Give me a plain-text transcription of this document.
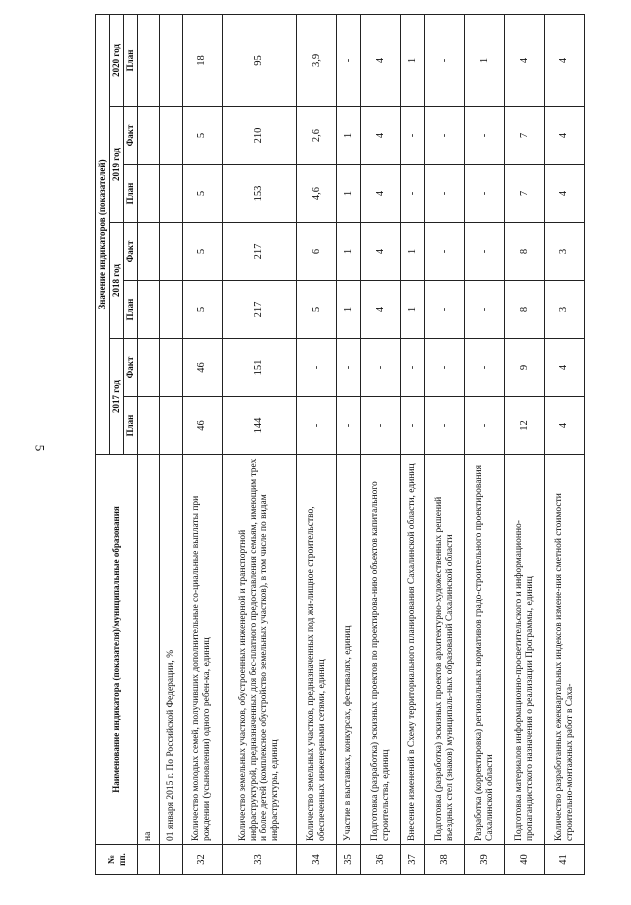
5
№
пп.	Наименование индикатора (показателя)/муниципальные образования	Значение индикаторов (показателей)						
		2017 год		2018 год		2019 год		2020 год
		План	Факт	План	Факт	План	Факт	План
	на							
	01 января 2015 г. По Российской Федерации, %							
32	Количество молодых семей, получивших дополнительные со-циальные выплаты при рождении (усыновлении) одного ребен-ка, единиц	46	46	5	5	5	5	18
33	Количество земельных участков, обустроенных инженерной и транспортной инфраструктурой, предназначенных для бес-платного предоставления семьям, имеющим трех и более детей (комплексное обустройство земельных участков), в том числе по видам инфраструктуры, единиц	144	151	217	217	153	210	95
34	Количество земельных участков, предназначенных под жи-лищное строительство, обеспеченных инженерными сетями, единиц	-	-	5	6	4,6	2,6	3,9
35	Участие в выставках, конкурсах, фестивалях, единиц	-	-	1	1	1	1	-
36	Подготовка (разработка) эскизных проектов по проектирова-нию объектов капитального строительства, единиц	-	-	4	4	4	4	4
37	Внесение изменений в Схему территориального планирования Сахалинской области, единиц	-	-	1	1	-	-	1
38	Подготовка (разработка) эскизных проектов архитектурно-художественных решений въездных стел (знаков) муниципаль-ных образований Сахалинской области	-	-	-	-	-	-	-
39	Разработка (корректировка) региональных нормативов градо-строительного проектирования Сахалинской области	-	-	-	-	-	-	1
40	Подготовка материалов информационно-просветительского и информационно-пропагандистского назначения о реализации Программы, единиц	12	9	8	8	7	7	4
41	Количество разработанных ежеквартальных индексов измене-ния сметной стоимости строительно-монтажных работ в Саха-	4	4	3	3	4	4	4
